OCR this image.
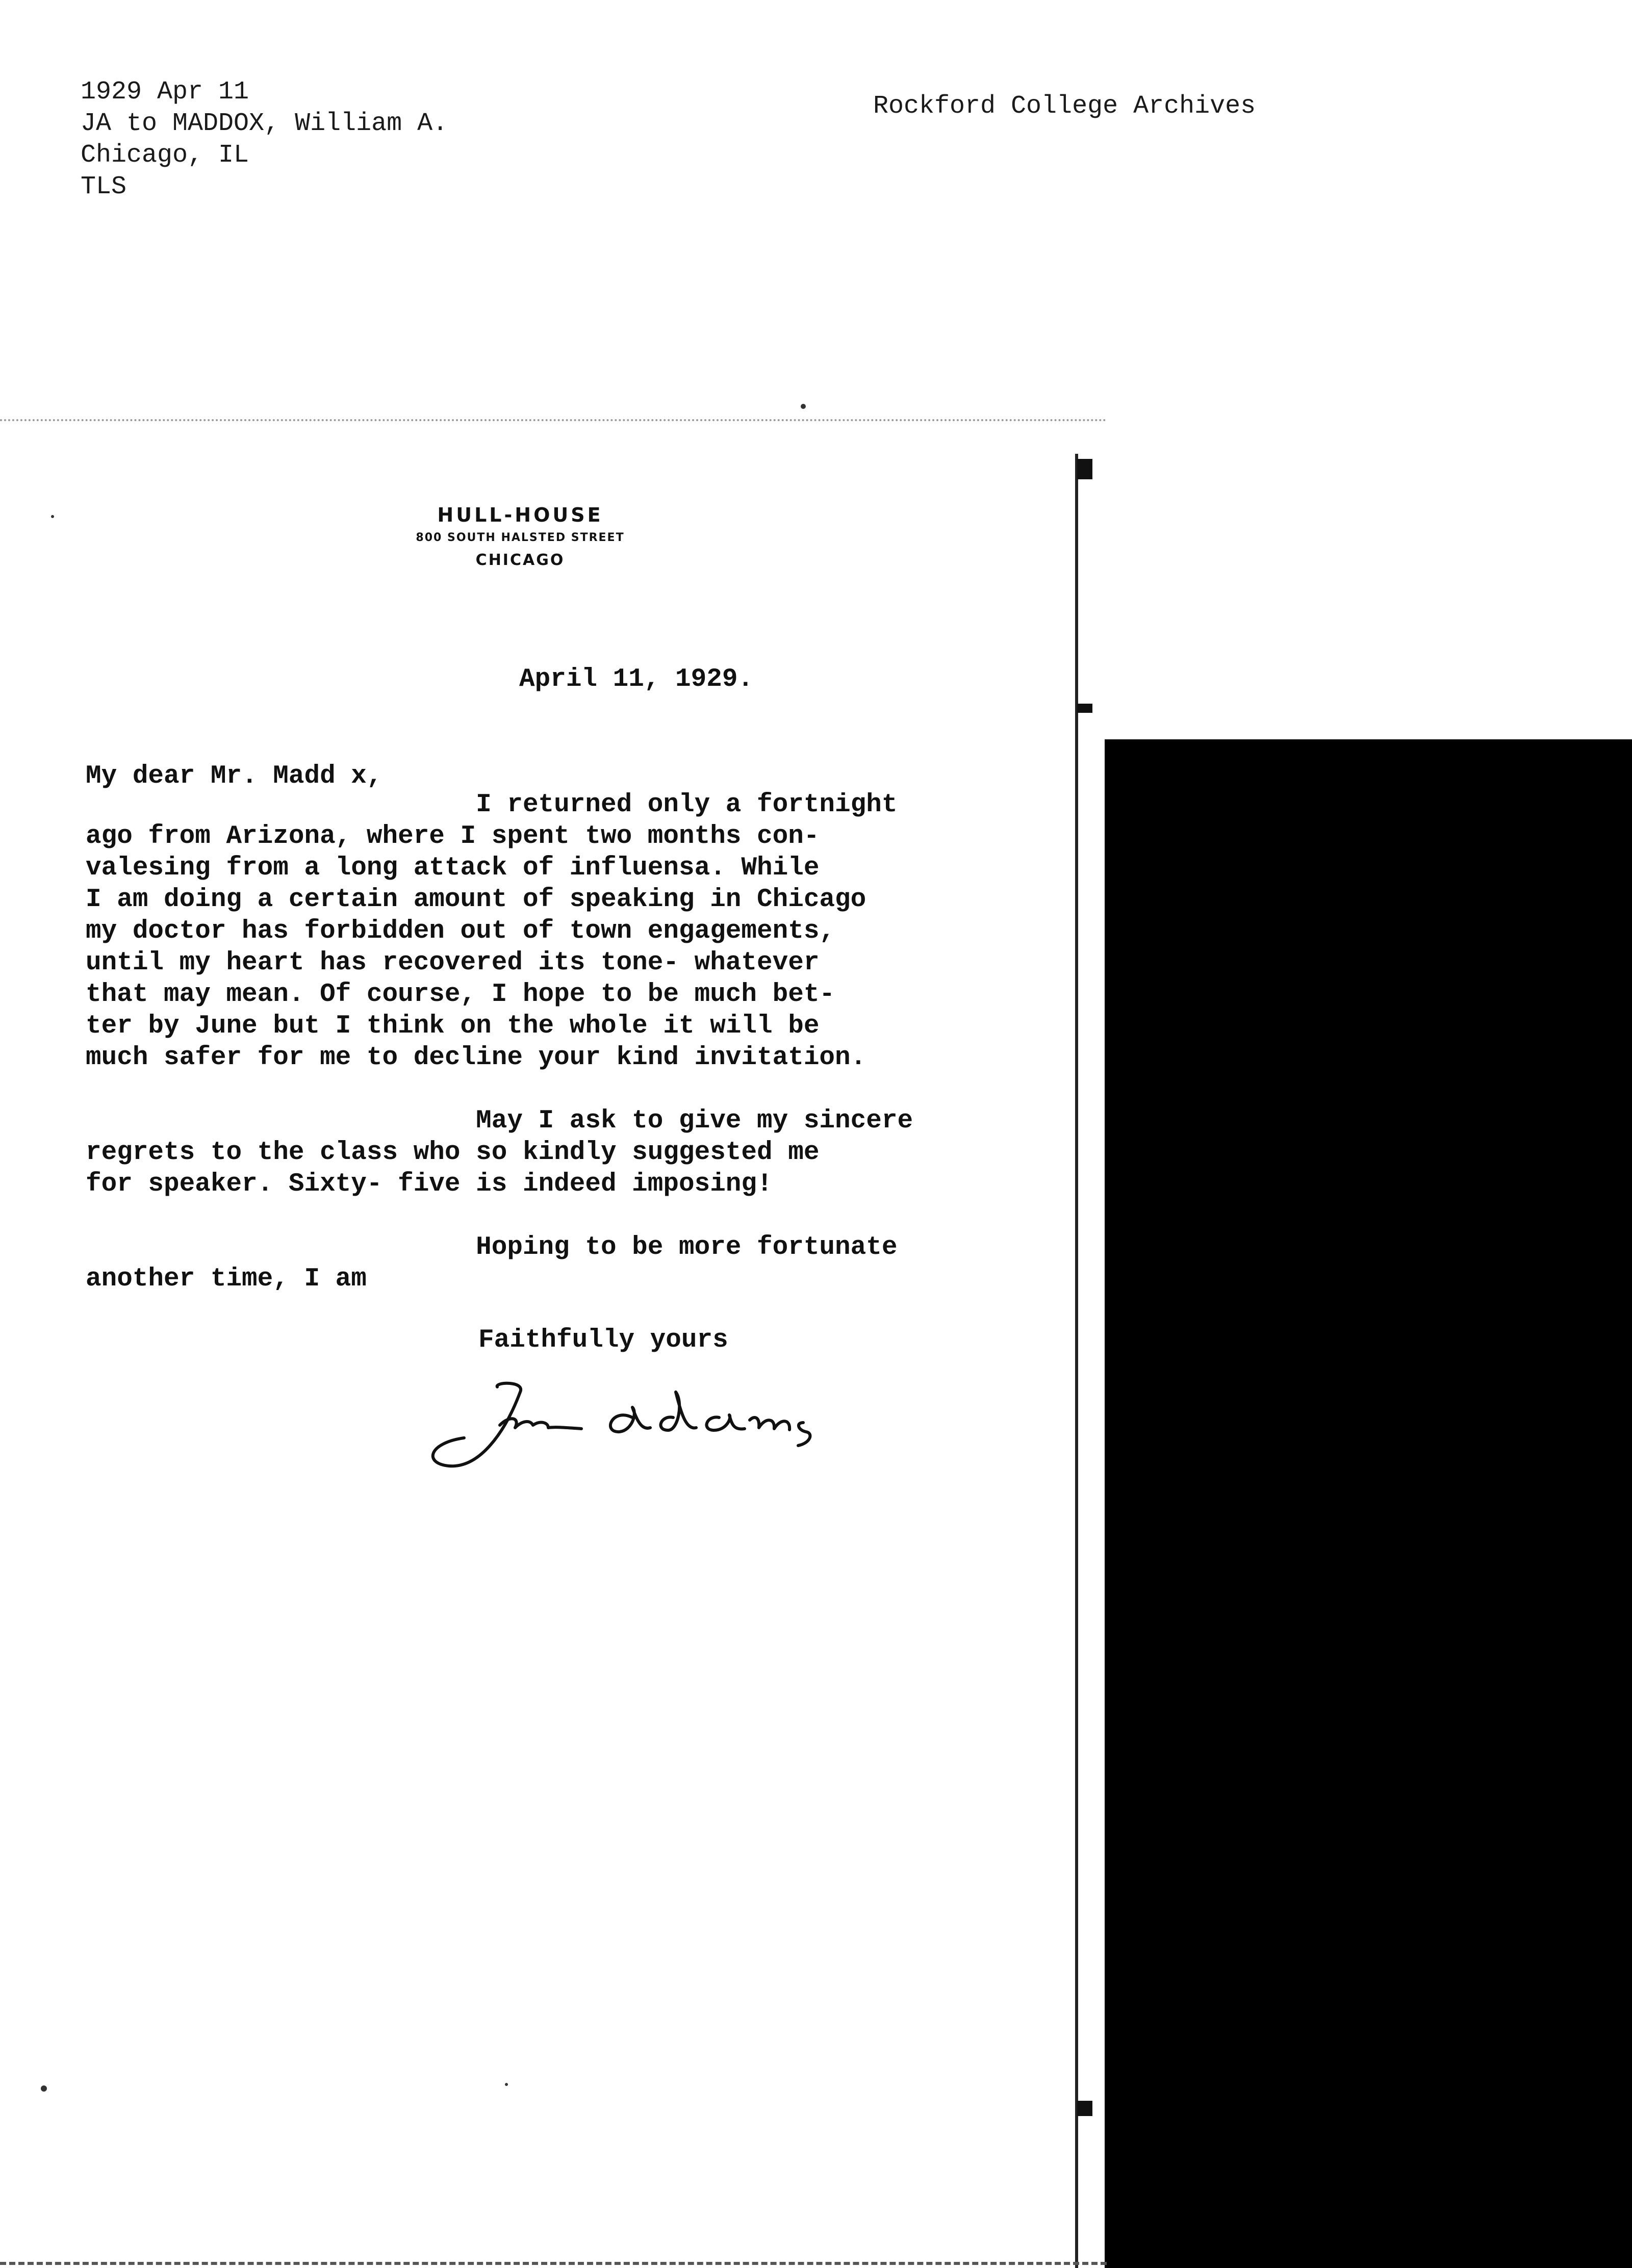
1929 Apr 11
JA to MADDOX, William A.
Chicago, IL
TLS
Rockford College Archives
HULL-HOUSE
800 SOUTH HALSTED STREET
CHICAGO
April 11, 1929.
My dear Mr. Madd x,
I returned only a fortnight
ago from Arizona, where I spent two months con-
valesing from a long attack of influensa. While
I am doing a certain amount of speaking in Chicago
my doctor has forbidden out of town engagements,
until my heart has recovered its tone- whatever
that may mean. Of course, I hope to be much bet-
ter by June but I think on the whole it will be
much safer for me to decline your kind invitation.

May I ask to give my sincere
regrets to the class who so kindly suggested me
for speaker. Sixty- five is indeed imposing!

Hoping to be more fortunate
another time, I am
Faithfully yours
